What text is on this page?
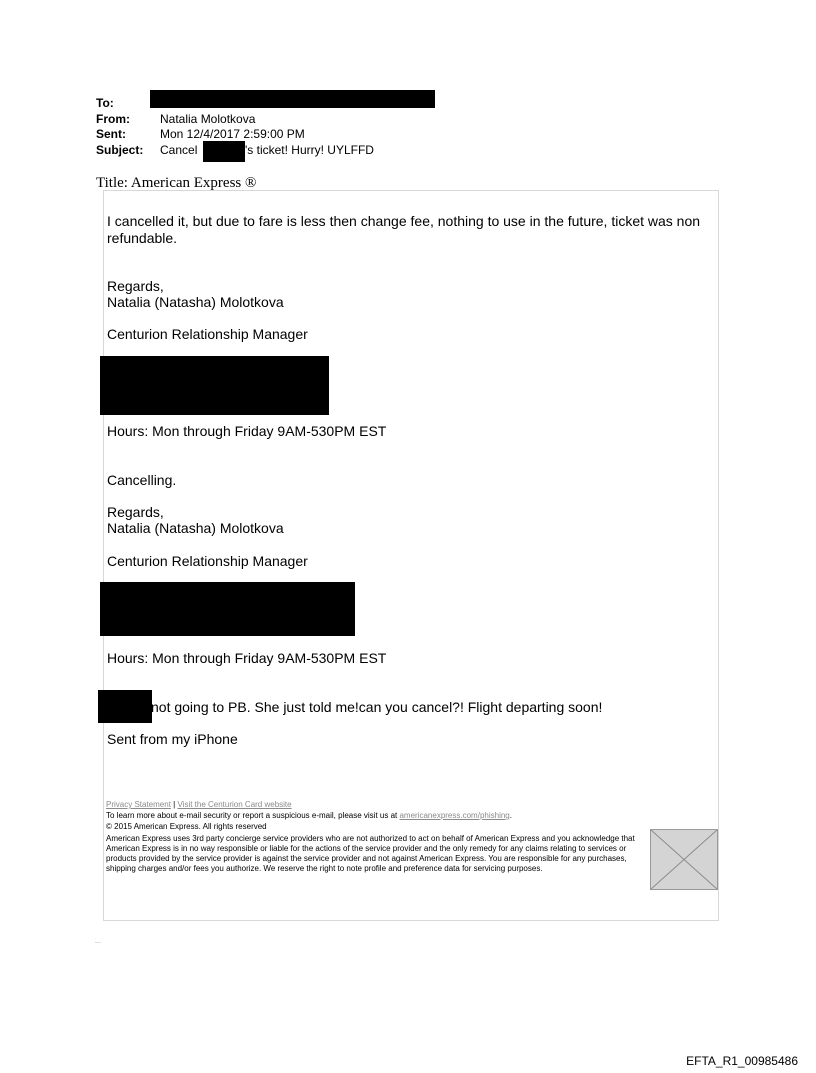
To:
From:	Natalia Molotkova
Sent:	Mon 12/4/2017 2:59:00 PM
Subject: Cancel	's ticket! Hurry! UYLFFD
Title: American Express ®
I cancelled it, but due to fare is less then change fee, nothing to use in the future, ticket was non refundable.
Regards,
Natalia (Natasha) Molotkova
Centurion Relationship Manager
Hours: Mon through Friday 9AM-530PM EST
Cancelling.
Regards,
Natalia (Natasha) Molotkova
Centurion Relationship Manager
Hours: Mon through Friday 9AM-530PM EST
not going to PB. She just told me!can you cancel?! Flight departing soon!
Sent from my iPhone
Privacy Statement | Visit the Centurion Card website
To learn more about e-mail security or report a suspicious e-mail, please visit us at americanexpress.com/phishing.
© 2015 American Express. All rights reserved
American Express uses 3rd party concierge service providers who are not authorized to act on behalf of American Express and you acknowledge that American Express is in no way responsible or liable for the actions of the service provider and the only remedy for any claims relating to services or products provided by the service provider is against the service provider and not against American Express. You are responsible for any purchases, shipping charges and/or fees you authorize. We reserve the right to note profile and preference data for servicing purposes.
·
——
EFTA_R1_00985486
